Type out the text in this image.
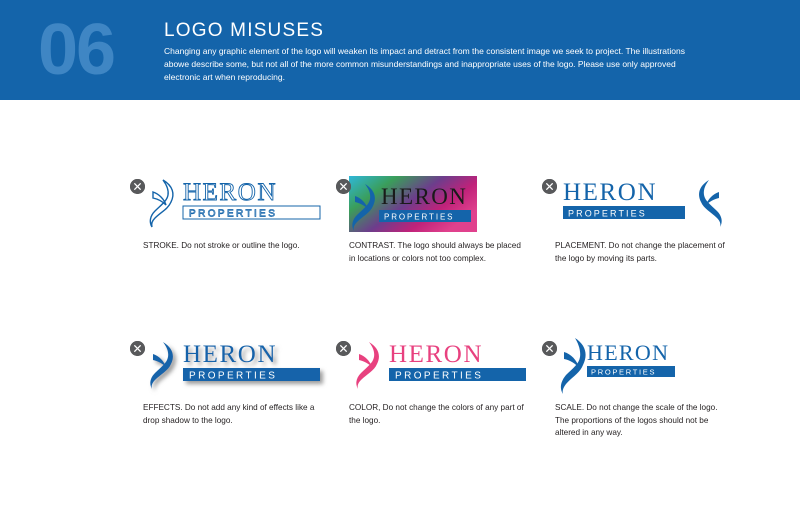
06	LOGO MISUSES
Changing any graphic element of the logo will weaken its impact and detract from the consistent image we seek to project. The illustrations abowe describe some, but not all of the more common misunderstandings and inappropriate uses of the logo. Please use only approved electronic art when reproducing.
HERON
PROPERTIES
STROKE. Do not stroke or outline the logo.
HERON
PROPERTIES
CONTRAST. The logo should always be placed in locations or colors not too complex.
HERON
PROPERTIES
PLACEMENT. Do not change the placement of the logo by moving its parts.
HERON
PROPERTIES
EFFECTS. Do not add any kind of effects like a drop shadow to the logo.
HERON
PROPERTIES
COLOR, Do not change the colors of any part of the logo.
HERON
PROPERTIES
SCALE. Do not change the scale of the logo. The proportions of the logos should not be altered in any way.
